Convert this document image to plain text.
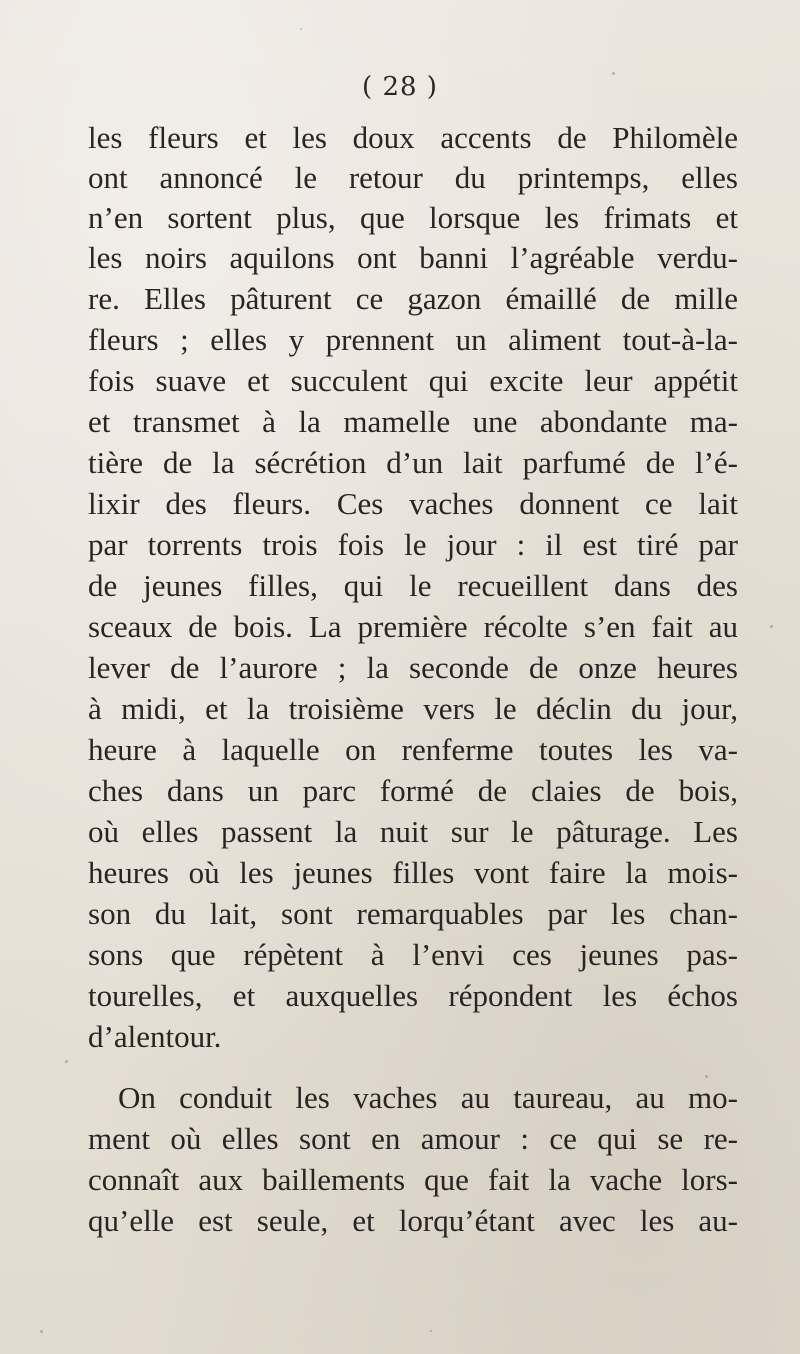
( 28 )
les fleurs et les doux accents de Philomèle
ont annoncé le retour du printemps, elles
n’en sortent plus, que lorsque les frimats et
les noirs aquilons ont banni l’agréable verdu-
re. Elles pâturent ce gazon émaillé de mille
fleurs ; elles y prennent un aliment tout-à-la-
fois suave et succulent qui excite leur appétit
et transmet à la mamelle une abondante ma-
tière de la sécrétion d’un lait parfumé de l’é-
lixir des fleurs. Ces vaches donnent ce lait
par torrents trois fois le jour : il est tiré par
de jeunes filles, qui le recueillent dans des
sceaux de bois. La première récolte s’en fait au
lever de l’aurore ; la seconde de onze heures
à midi, et la troisième vers le déclin du jour,
heure à laquelle on renferme toutes les va-
ches dans un parc formé de claies de bois,
où elles passent la nuit sur le pâturage. Les
heures où les jeunes filles vont faire la mois-
son du lait, sont remarquables par les chan-
sons que répètent à l’envi ces jeunes pas-
tourelles, et auxquelles répondent les échos
d’alentour.
On conduit les vaches au taureau, au mo-
ment où elles sont en amour : ce qui se re-
connaît aux baillements que fait la vache lors-
qu’elle est seule, et lorqu’étant avec les au-
